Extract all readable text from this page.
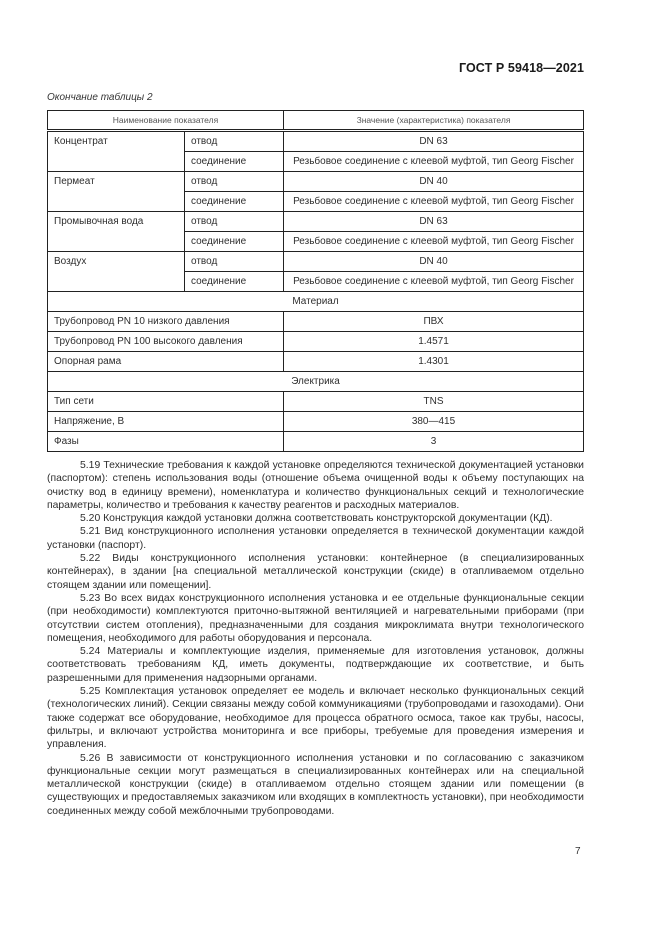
ГОСТ Р 59418—2021
Окончание таблицы 2
Наименование показателя		Значение (характеристика) показателя
Концентрат	отвод	DN 63
	соединение	Резьбовое соединение с клеевой муфтой, тип Georg Fischer
Пермеат	отвод	DN 40
	соединение	Резьбовое соединение с клеевой муфтой, тип Georg Fischer
Промывочная вода	отвод	DN 63
	соединение	Резьбовое соединение с клеевой муфтой, тип Georg Fischer
Воздух	отвод	DN 40
	соединение	Резьбовое соединение с клеевой муфтой, тип Georg Fischer
Материал		
Трубопровод PN 10 низкого давления		ПВХ
Трубопровод PN 100 высокого давления		1.4571
Опорная рама		1.4301
Электрика		
Тип сети		TNS
Напряжение, В		380—415
Фазы		3

5.19 Технические требования к каждой установке определяются технической документацией установки (паспортом): степень использования воды (отношение объема очищенной воды к объему поступающих на очистку вод в единицу времени), номенклатура и количество функциональных секций и технологические параметры, количество и требования к качеству реагентов и расходных материалов.

5.20 Конструкция каждой установки должна соответствовать конструкторской документации (КД).

5.21 Вид конструкционного исполнения установки определяется в технической документации каждой установки (паспорт).

5.22 Виды конструкционного исполнения установки: контейнерное (в специализированных контейнерах), в здании [на специальной металлической конструкции (скиде) в отапливаемом отдельно стоящем здании или помещении].

5.23 Во всех видах конструкционного исполнения установка и ее отдельные функциональные секции (при необходимости) комплектуются приточно-вытяжной вентиляцией и нагревательными приборами (при отсутствии систем отопления), предназначенными для создания микроклимата внутри технологического помещения, необходимого для работы оборудования и персонала.

5.24 Материалы и комплектующие изделия, применяемые для изготовления установок, должны соответствовать требованиям КД, иметь документы, подтверждающие их соответствие, и быть разрешенными для применения надзорными органами.

5.25 Комплектация установок определяет ее модель и включает несколько функциональных секций (технологических линий). Секции связаны между собой коммуникациями (трубопроводами и газоходами). Они также содержат все оборудование, необходимое для процесса обратного осмоса, такое как трубы, насосы, фильтры, и включают устройства мониторинга и все приборы, требуемые для проведения измерения и управления.

5.26 В зависимости от конструкционного исполнения установки и по согласованию с заказчиком функциональные секции могут размещаться в специализированных контейнерах или на специальной металлической конструкции (скиде) в отапливаемом отдельно стоящем здании или помещении (в существующих и предоставляемых заказчиком или входящих в комплектность установки), при необходимости соединенных между собой межблочными трубопроводами.

7
